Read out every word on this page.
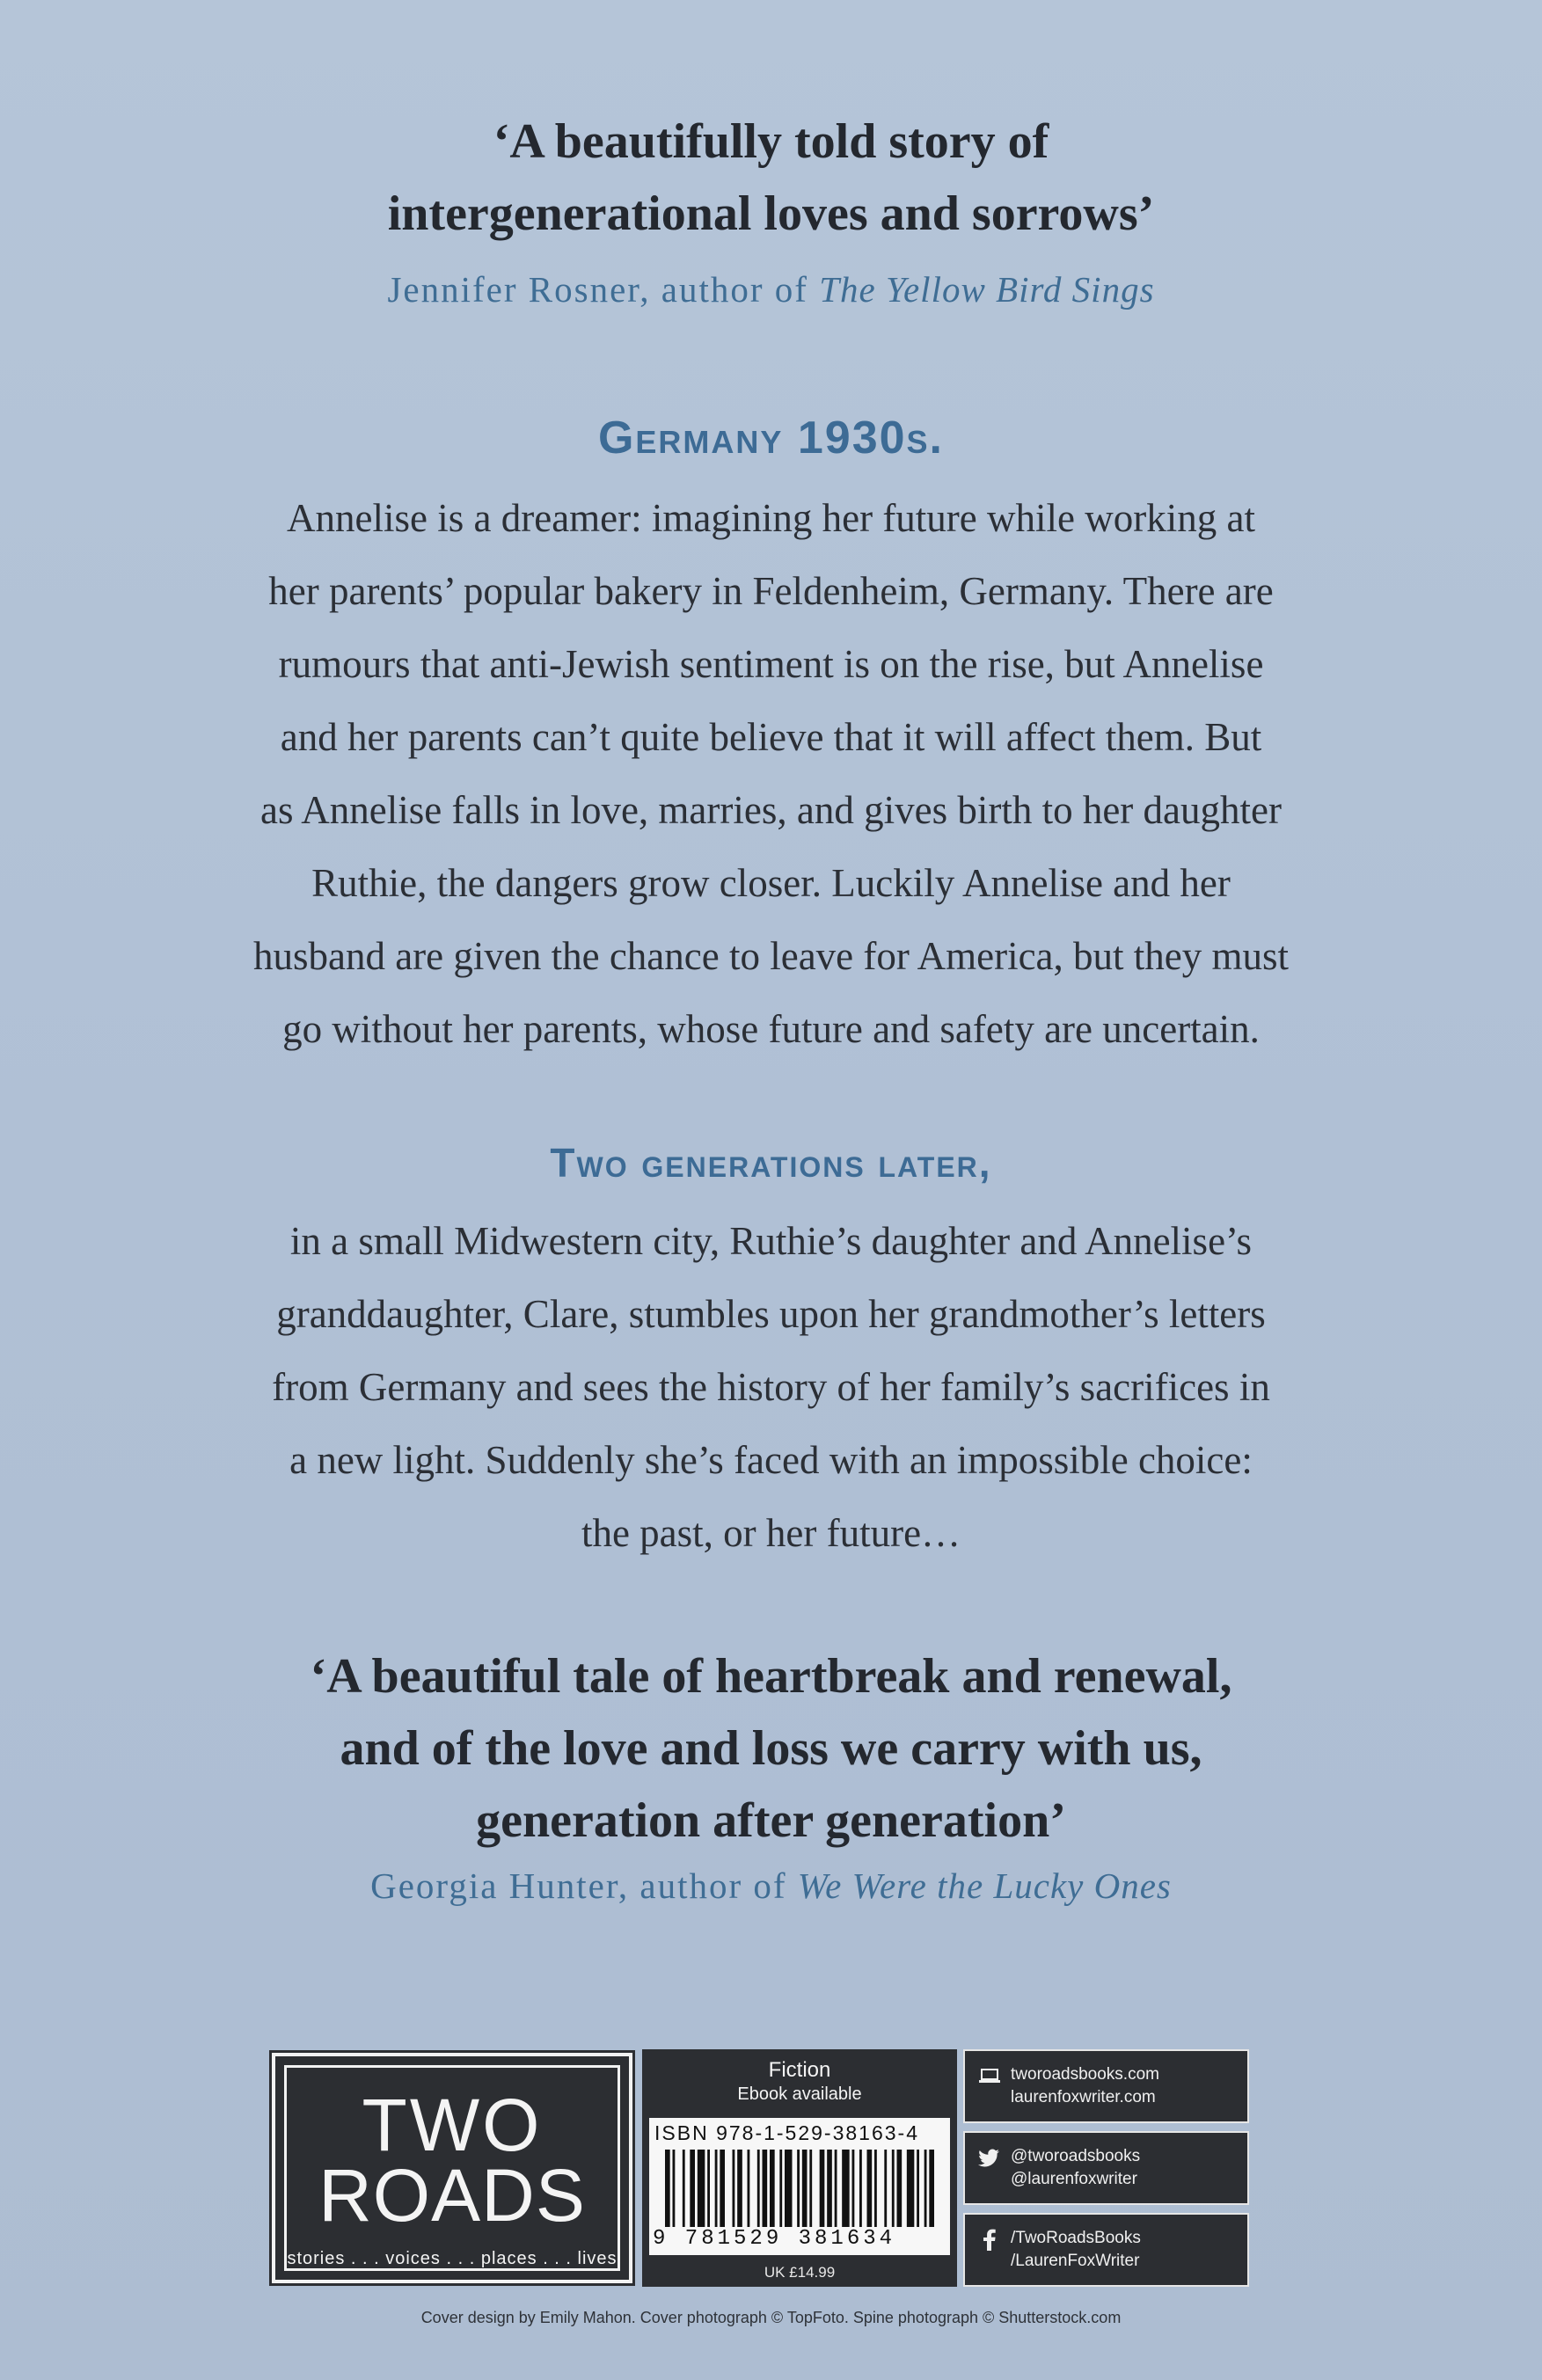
‘A beautifully told story of
intergenerational loves and sorrows’
Jennifer Rosner, author of The Yellow Bird Sings
Germany 1930s.
Annelise is a dreamer: imagining her future while working at
her parents’ popular bakery in Feldenheim, Germany. There are
rumours that anti-Jewish sentiment is on the rise, but Annelise
and her parents can’t quite believe that it will affect them. But
as Annelise falls in love, marries, and gives birth to her daughter
Ruthie, the dangers grow closer. Luckily Annelise and her
husband are given the chance to leave for America, but they must
go without her parents, whose future and safety are uncertain.
Two generations later,
in a small Midwestern city, Ruthie’s daughter and Annelise’s
granddaughter, Clare, stumbles upon her grandmother’s letters
from Germany and sees the history of her family’s sacrifices in
a new light. Suddenly she’s faced with an impossible choice:
the past, or her future…
‘A beautiful tale of heartbreak and renewal,
and of the love and loss we carry with us,
generation after generation’
Georgia Hunter, author of We Were the Lucky Ones
TWO
ROADS
stories . . . voices . . . places . . . lives
Fiction
Ebook available
ISBN 978-1-529-38163-4
9 781529 381634
UK £14.99
tworoadsbooks.com
laurenfoxwriter.com
@tworoadsbooks
@laurenfoxwriter
/TwoRoadsBooks
/LaurenFoxWriter
Cover design by Emily Mahon. Cover photograph © TopFoto. Spine photograph © Shutterstock.com
